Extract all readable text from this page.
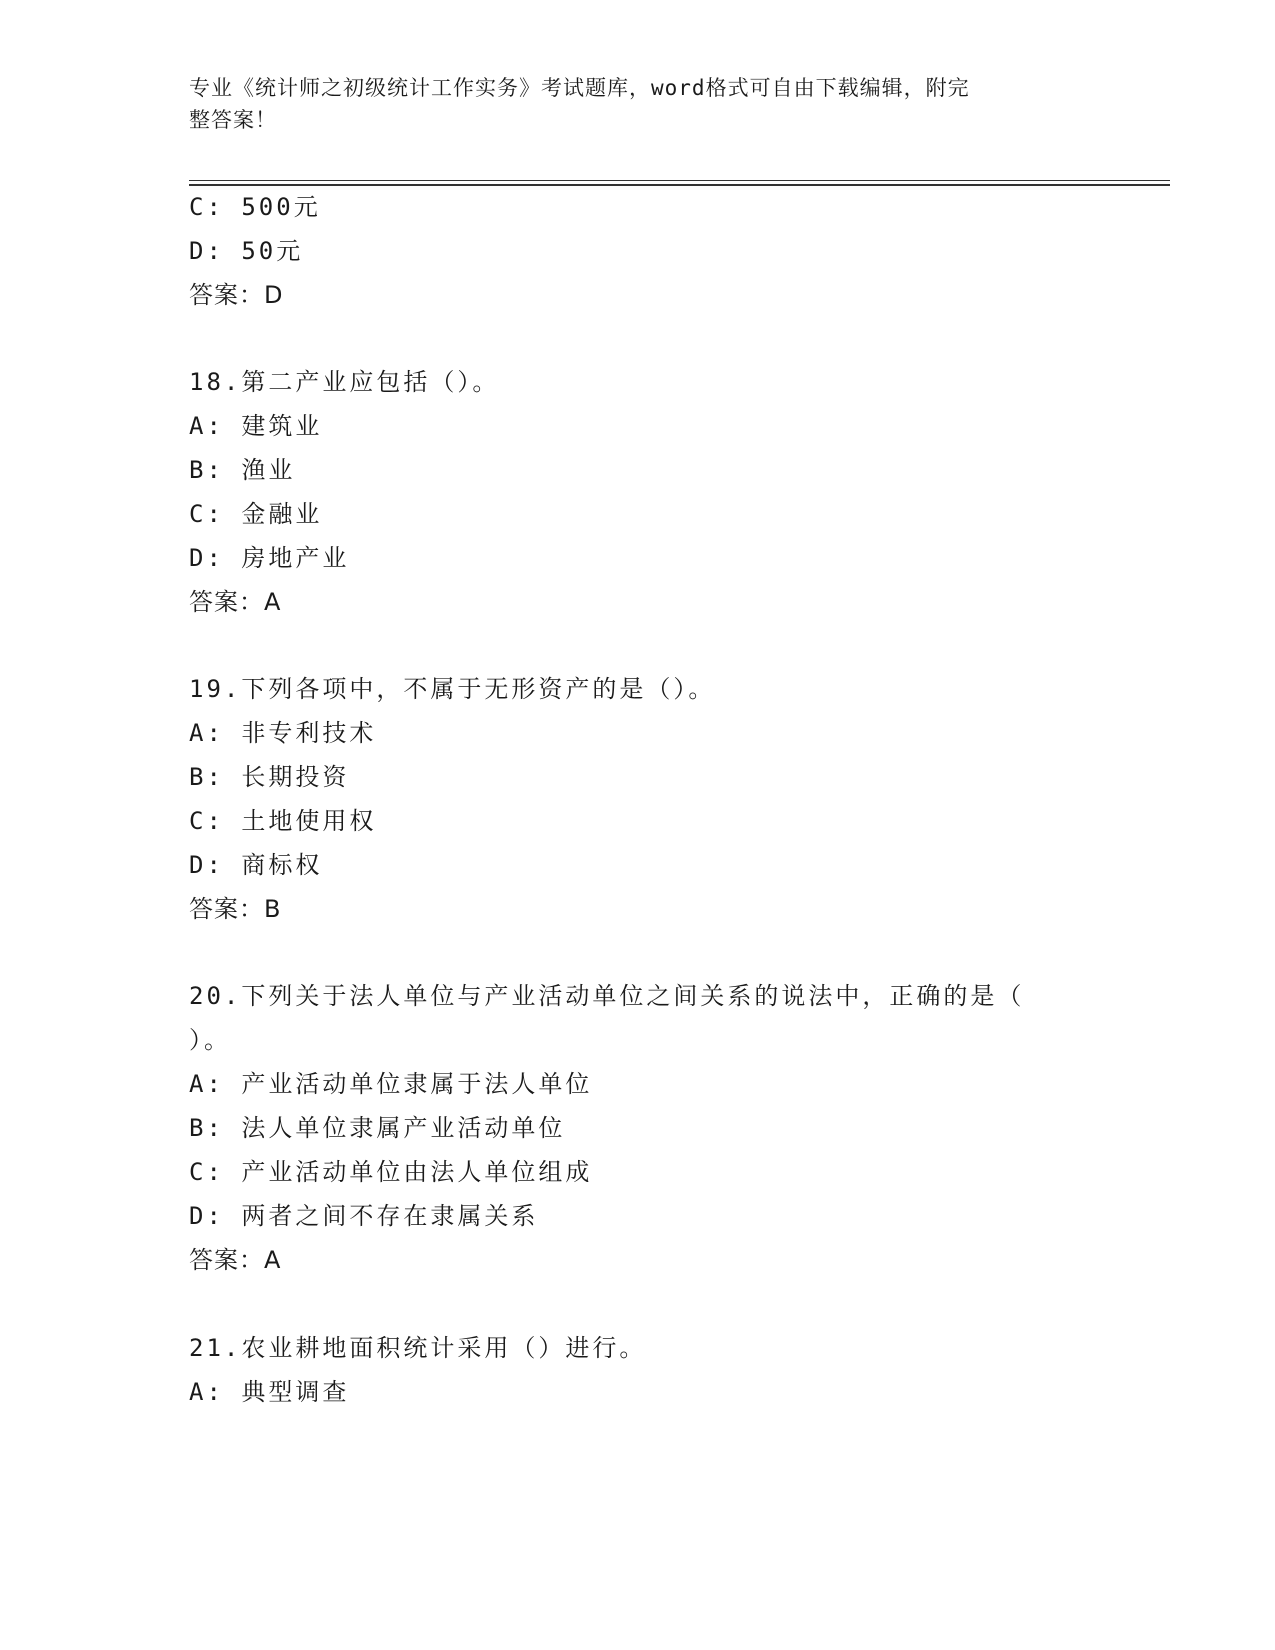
专业《统计师之初级统计工作实务》考试题库，word格式可自由下载编辑，附完
整答案！
C: 500元
D: 50元
答案：D
18.第二产业应包括（）。
A: 建筑业
B: 渔业
C: 金融业
D: 房地产业
答案：A
19.下列各项中，不属于无形资产的是（）。
A: 非专利技术
B: 长期投资
C: 土地使用权
D: 商标权
答案：B
20.下列关于法人单位与产业活动单位之间关系的说法中，正确的是（
）。
A: 产业活动单位隶属于法人单位
B: 法人单位隶属产业活动单位
C: 产业活动单位由法人单位组成
D: 两者之间不存在隶属关系
答案：A
21.农业耕地面积统计采用（）进行。
A: 典型调查
